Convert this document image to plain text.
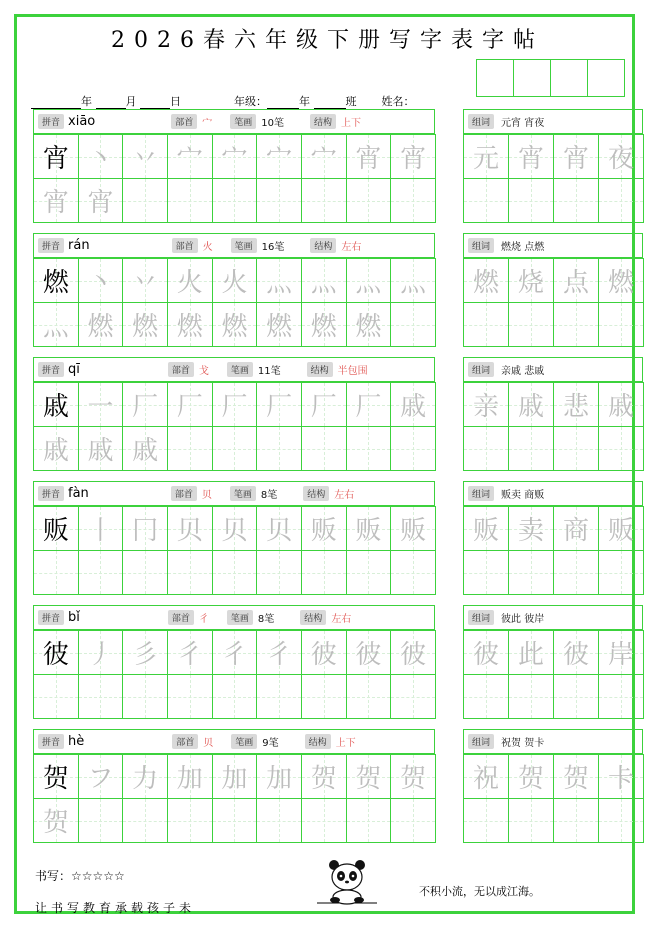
2026春六年级下册写字表字帖
年	月	日	年级：	年	班 姓名：
拼音 xiāo	部首 宀	笔画 10笔	结构 上下
宵 丶 丷 宀 宀 宀 宀 宵 宵
宵 宵
组词	元宵 宵夜
元 宵 宵 夜
拼音 rán	部首 火	笔画 16笔	结构 左右
燃 丶 丷 火 火 灬 灬 灬 灬
灬 燃 燃 燃 燃 燃 燃 燃
组词	燃烧 点燃
燃 烧 点 燃
拼音 qī	部首 戈	笔画 11笔	结构 半包围
戚 一 厂 厂 厂 厂 厂 厂 戚
戚 戚 戚
组词	亲戚 悲戚
亲 戚 悲 戚
拼音 fàn	部首 贝	笔画 8笔	结构 左右
贩 丨 冂 贝 贝 贝 贩 贩 贩
组词	贩卖 商贩
贩 卖 商 贩
拼音 bǐ	部首 彳	笔画 8笔	结构 左右
彼 丿 彡 彳 彳 彳 彼 彼 彼
组词	彼此 彼岸
彼 此 彼 岸
拼音 hè	部首 贝	笔画 9笔	结构 上下
贺 フ 力 加 加 加 贺 贺 贺
贺
组词	祝贺 贺卡
祝 贺 贺 卡
书写：☆☆☆☆☆
让书写教育承载孩子未
不积小流，无以成江海。
